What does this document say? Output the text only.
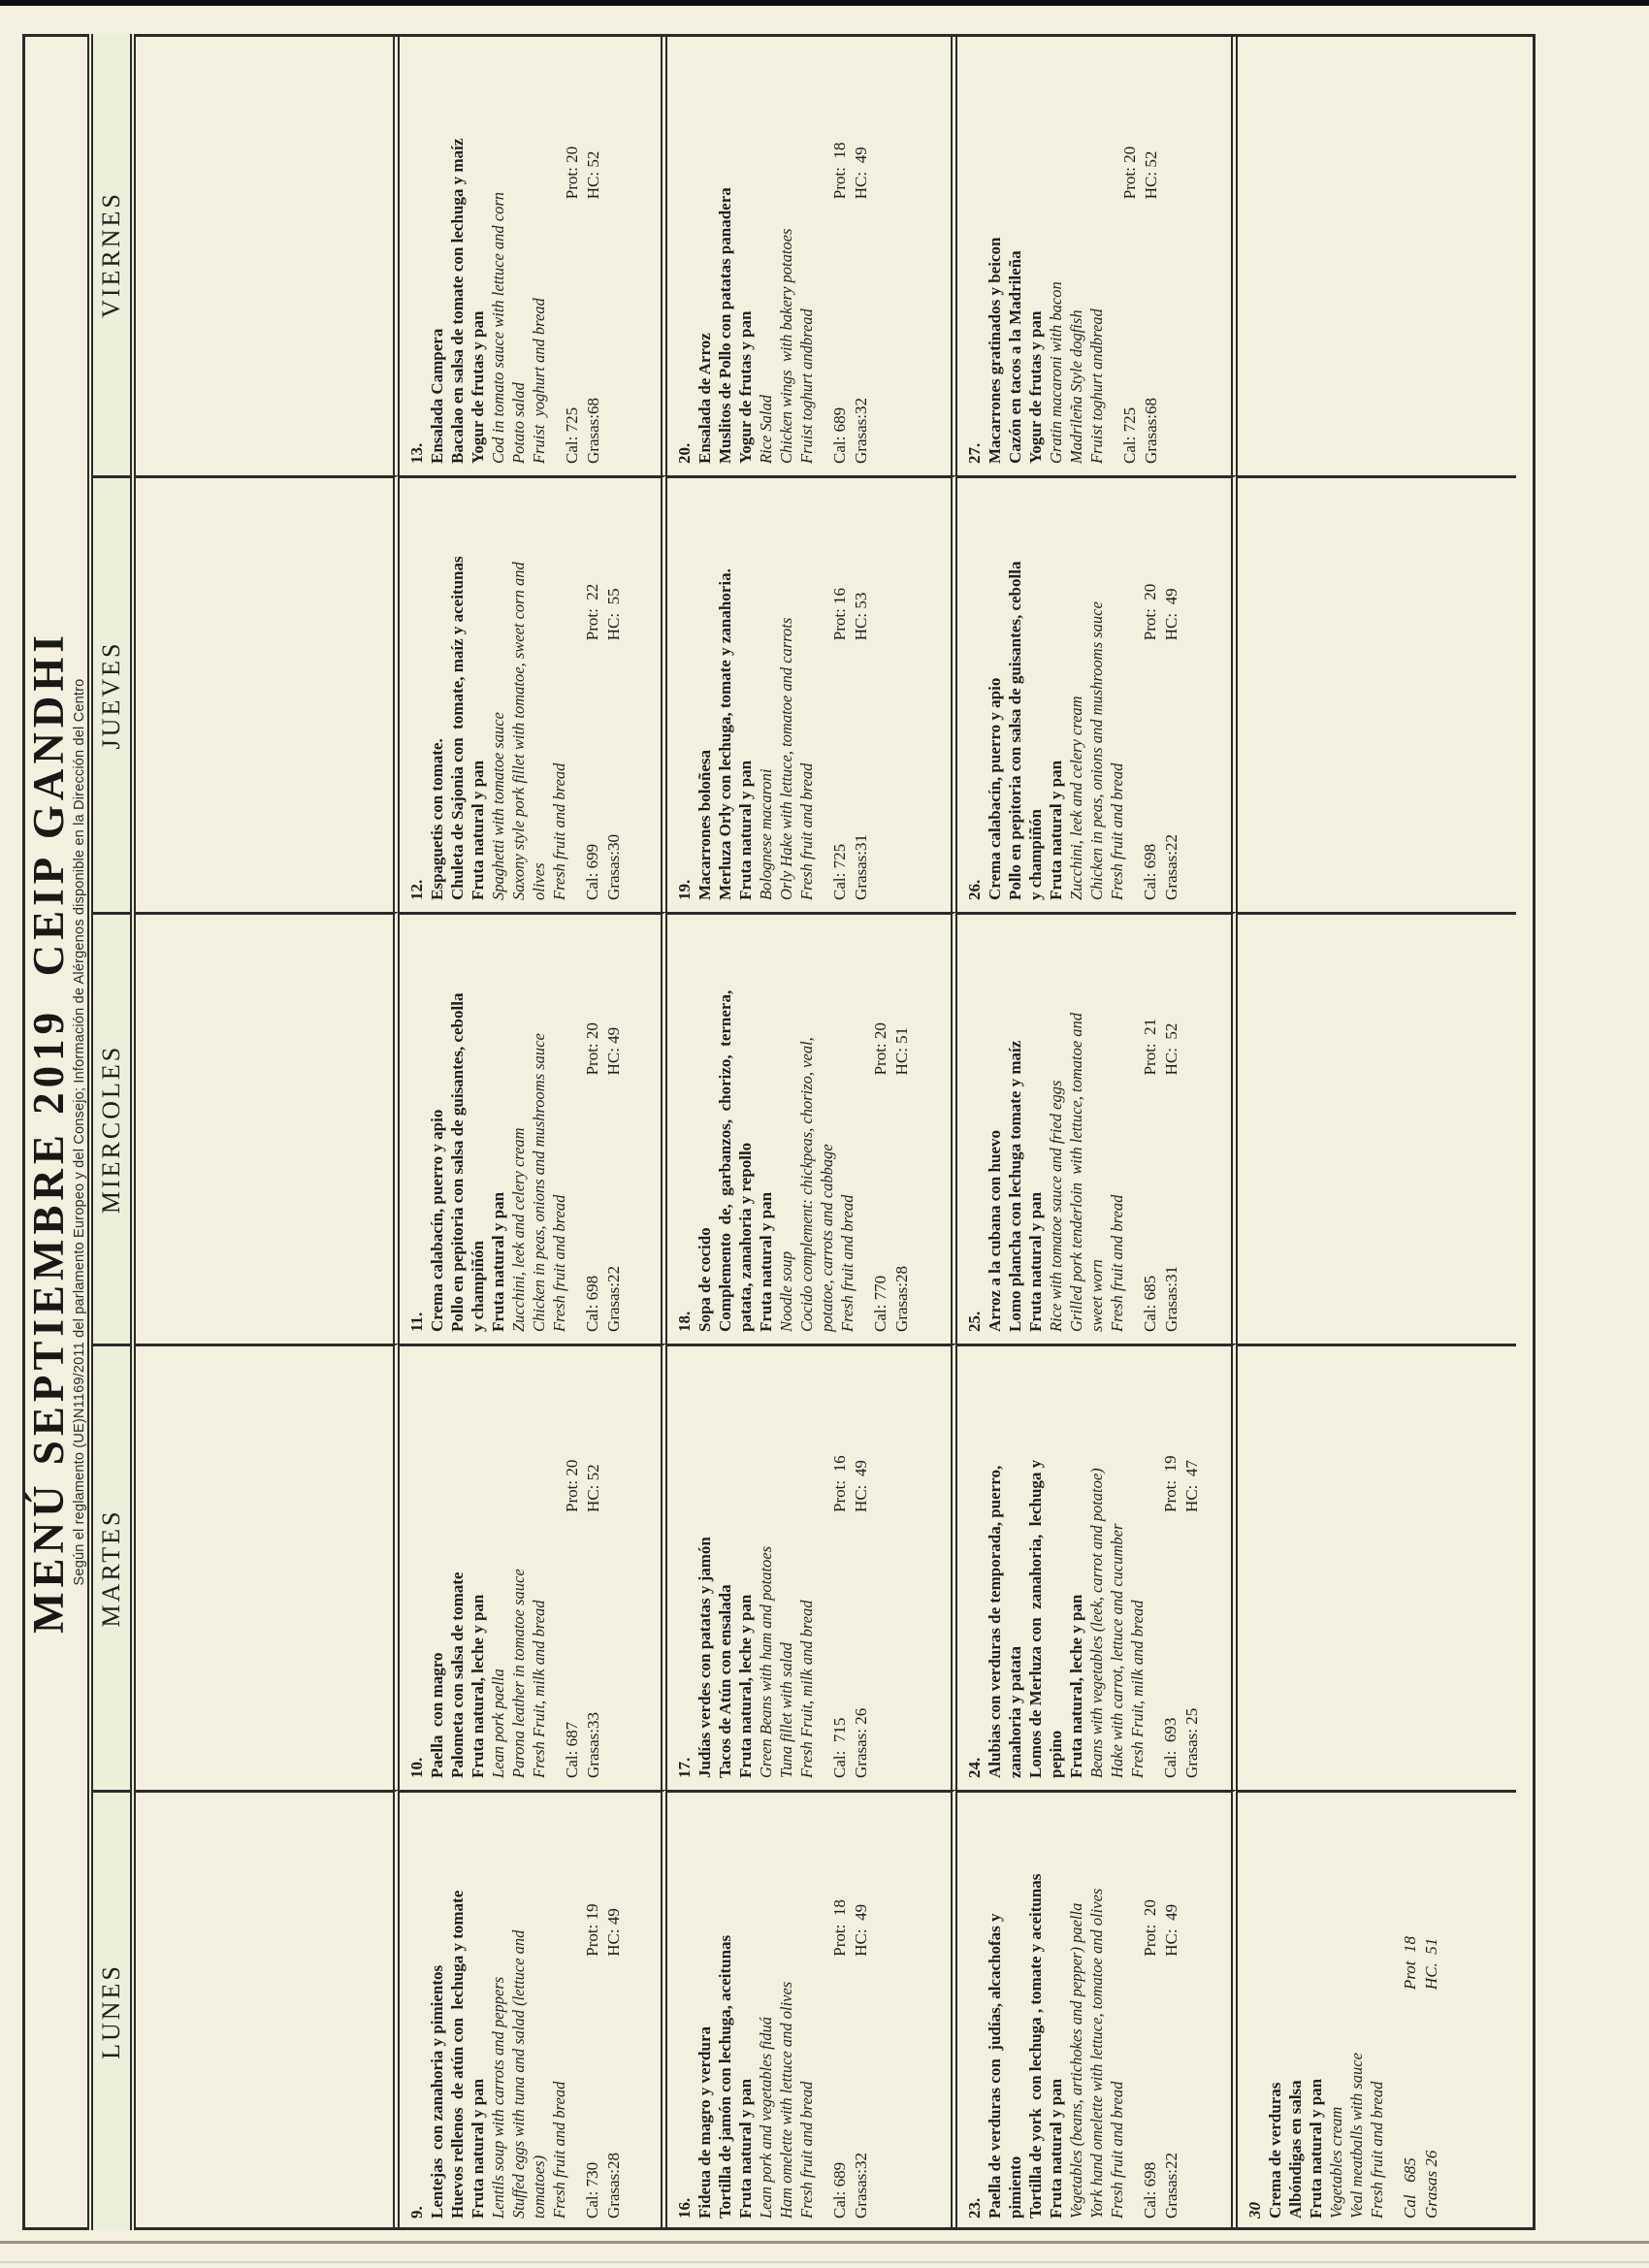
MENÚ SEPTIEMBRE 2019  CEIP GANDHI Según el reglamento (UE)N1169/2011 del parlamento Europeo y del Consejo; Información de Alérgenos disponible en la Dirección del Centro
LUNES
MARTES
MIERCOLES
JUEVES
VIERNES
9. Lentejas  con zanahoria y pimientos Huevos rellenos  de atún con  lechuga y tomate Fruta natural y pan Lentils soup with carrots and peppers Stuffed eggs with tuna and salad (lettuce and tomatoes) Fresh fruit and bread Cal: 730
Prot: 19
Grasas:28
HC: 49
10. Paella  con magro Palometa con salsa de tomate Fruta natural, leche y pan Lean pork paella Parona leather in tomatoe sauce Fresh Fruit, milk and bread Cal: 687
Prot: 20
Grasas:33
HC: 52
11. Crema calabacín, puerro y apio Pollo en pepitoria con salsa de guisantes, cebolla y champiñón Fruta natural y pan Zucchini, leek and celery cream Chicken in peas, onions and mushrooms sauce Fresh fruit and bread Cal: 698
Prot: 20
Grasas:22
HC: 49
12. Espaguetis con tomate. Chuleta de Sajonia con  tomate, maíz y aceitunas Fruta natural y pan Spaghetti with tomatoe sauce Saxony style pork fillet with tomatoe, sweet corn and olives Fresh fruit and bread Cal: 699
Prot:  22
Grasas:30
HC:  55
13. Ensalada Campera Bacalao en salsa de tomate con lechuga y maíz Yogur de frutas y pan Cod in tomato sauce with lettuce and corn Potato salad Fruist  yoghurt and bread Cal: 725
Prot: 20
Grasas:68
HC: 52
16. Fideua de magro y verdura Tortilla de jamón con lechuga, aceitunas Fruta natural y pan Lean pork and vegetables fiduá Ham omelette with lettuce and olives Fresh fruit and bread Cal: 689
Prot:  18
Grasas:32
HC:  49
17. Judías verdes con patatas y jamón Tacos de Atún con ensalada Fruta natural, leche y pan Green Beans with ham and potatoes Tuna fillet with salad Fresh Fruit, milk and bread Cal:  715
Prot:  16
Grasas: 26
HC:  49
18. Sopa de cocido Complemento  de,  garbanzos,  chorizo,  ternera, patata, zanahoria y repollo Fruta natural y pan Noodle soup Cocido complement: chickpeas, chorizo, veal, potatoe, carrots and cabbage Fresh fruit and bread Cal: 770
Prot: 20
Grasas:28
HC: 51
19. Macarrones boloñesa Merluza Orly con lechuga, tomate y zanahoria. Fruta natural y pan Bolognese macaroni Orly Hake with lettuce, tomatoe and carrots Fresh fruit and bread Cal: 725
Prot: 16
Grasas:31
HC: 53
20. Ensalada de Arroz Muslitos de Pollo con patatas panadera Yogur de frutas y pan Rice Salad Chicken wings  with bakery potatoes Fruist toghurt andbread Cal: 689
Prot:  18
Grasas:32
HC:  49
23. Paella de verduras con  judías, alcachofas y pimiento Tortilla de york  con lechuga , tomate y aceitunas Fruta natural y pan Vegetables (beans, artichokes and pepper) paella York hand omelette with lettuce, tomatoe and olives Fresh fruit and bread Cal: 698
Prot:  20
Grasas:22
HC:  49
24. Alubias con verduras de temporada, puerro, zanahoria y patata Lomos de Merluza con  zanahoria,  lechuga y pepino Fruta natural, leche y pan Beans with vegetables (leek, carrot and potatoe) Hake with carrot, lettuce and cucumber Fresh Fruit, milk and bread Cal:  693
Prot:  19
Grasas: 25
HC:  47
25. Arroz a la cubana con huevo Lomo plancha con lechuga tomate y maíz Fruta natural y pan Rice with tomatoe sauce and fried eggs Grilled pork tenderloin  with lettuce, tomatoe and sweet worn Fresh fruit and bread Cal: 685
Prot:  21
Grasas:31
HC:  52
26. Crema calabacín, puerro y apio Pollo en pepitoria con salsa de guisantes, cebolla y champiñón Fruta natural y pan Zucchini, leek and celery cream Chicken in peas, onions and mushrooms sauce Fresh fruit and bread Cal: 698
Prot:  20
Grasas:22
HC:  49
27. Macarrones gratinados y beicon Cazón en tacos a la Madrileña Yogur de frutas y pan Gratin macaroni with bacon Madrileña Style dogfish Fruist toghurt andbread Cal: 725
Prot: 20
Grasas:68
HC: 52
30 Crema de verduras Albóndigas en salsa Fruta natural y pan Vegetables cream Veal meatballs with sauce Fresh fruit and bread Cal   685
Prot  18
Grasas 26
HC.  51
